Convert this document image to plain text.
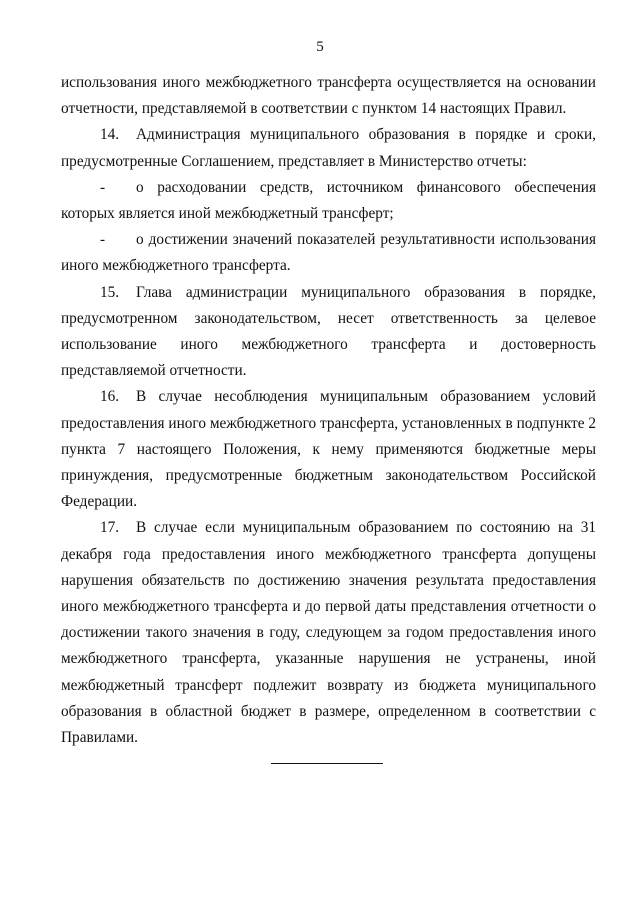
5

использования иного межбюджетного трансферта осуществляется на основании отчетности, представляемой в соответствии с пунктом 14 настоящих Правил.

14. Администрация муниципального образования в порядке и сроки, предусмотренные Соглашением, представляет в Министерство отчеты:

- о расходовании средств, источником финансового обеспечения которых является иной межбюджетный трансферт;

- о достижении значений показателей результативности использования иного межбюджетного трансферта.

15. Глава администрации муниципального образования в порядке, предусмотренном законодательством, несет ответственность за целевое использование иного межбюджетного трансферта и достоверность представляемой отчетности.

16. В случае несоблюдения муниципальным образованием условий предоставления иного межбюджетного трансферта, установленных в подпункте 2 пункта 7 настоящего Положения, к нему применяются бюджетные меры принуждения, предусмотренные бюджетным законодательством Российской Федерации.

17. В случае если муниципальным образованием по состоянию на 31 декабря года предоставления иного межбюджетного трансферта допущены нарушения обязательств по достижению значения результата предоставления иного межбюджетного трансферта и до первой даты представления отчетности о достижении такого значения в году, следующем за годом предоставления иного межбюджетного трансферта, указанные нарушения не устранены, иной межбюджетный трансферт подлежит возврату из бюджета муниципального образования в областной бюджет в размере, определенном в соответствии с Правилами.
